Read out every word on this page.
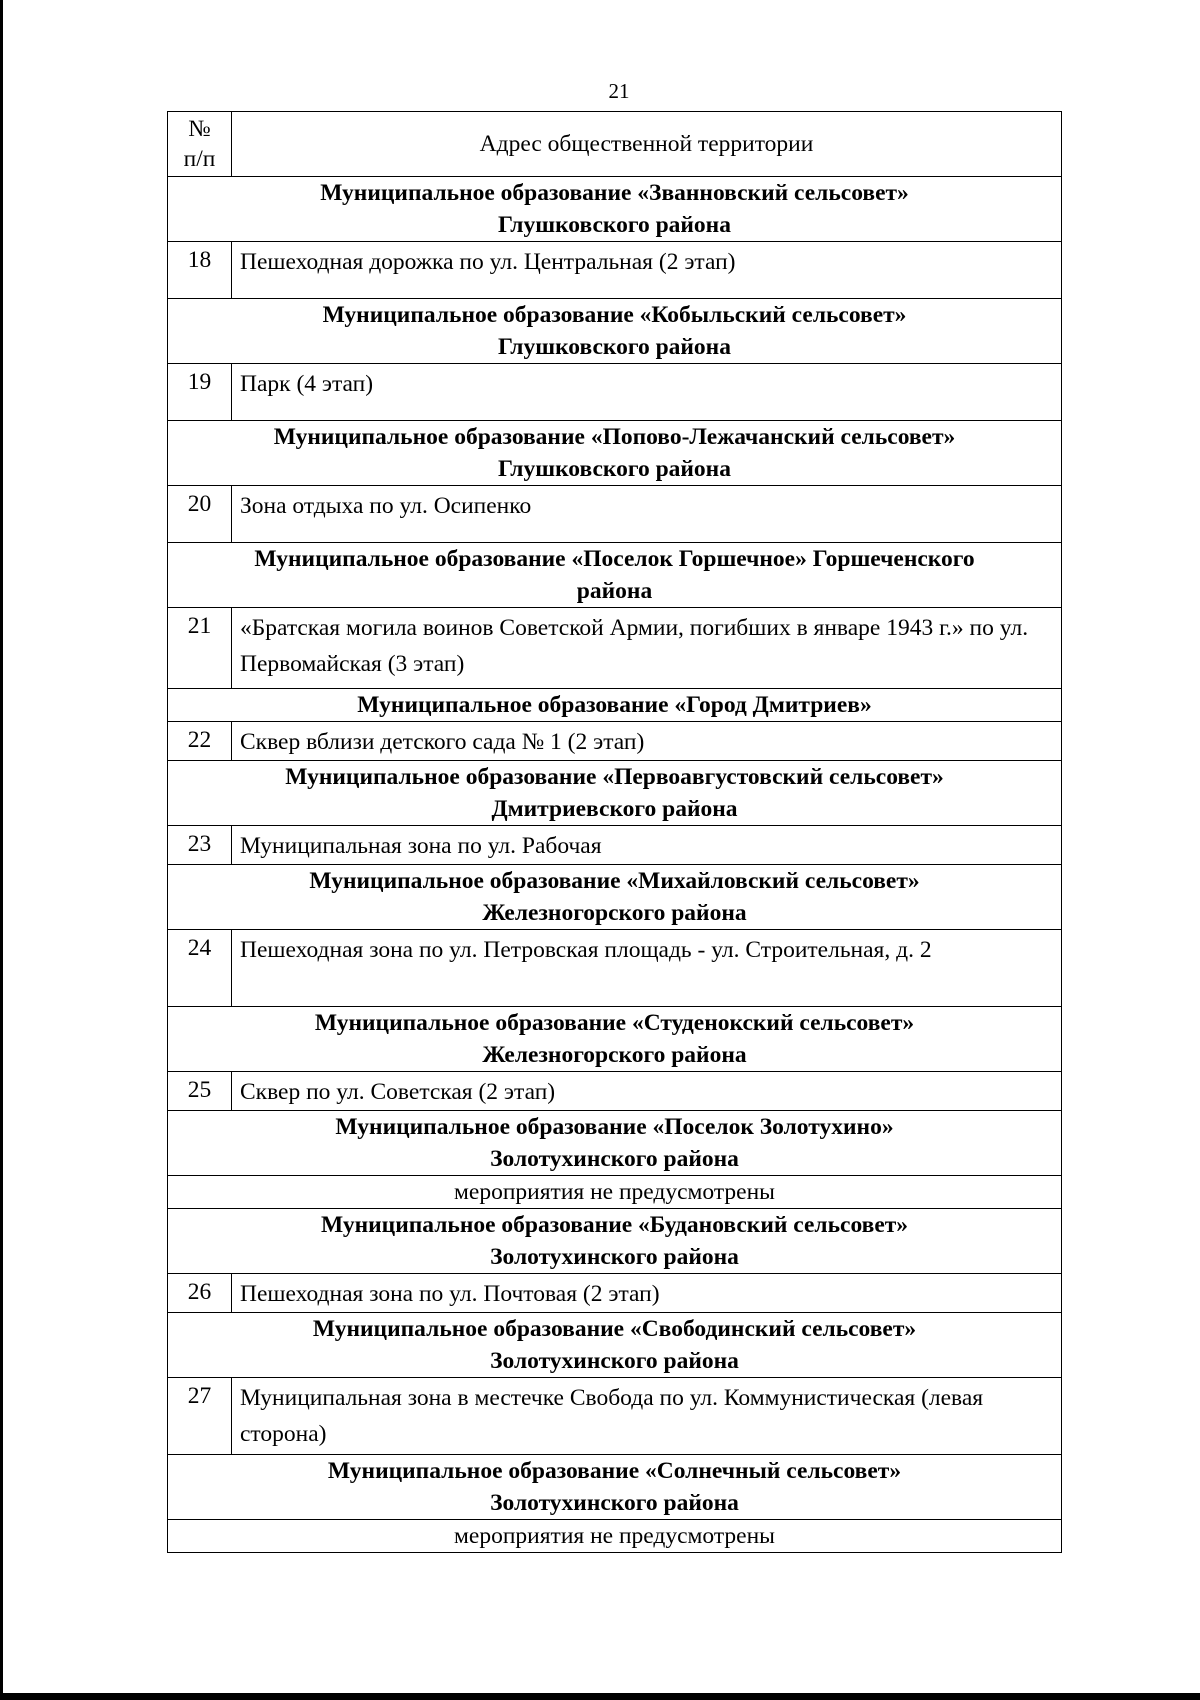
21
№
п/п	Адрес общественной территории

Муниципальное образование «Званновский сельсовет»
Глушковского района	

18	Пешеходная дорожка по ул. Центральная (2 этап)

Муниципальное образование «Кобыльский сельсовет»
Глушковского района	

19	Парк (4 этап)

Муниципальное образование «Попово-Лежачанский сельсовет»
Глушковского района	

20	Зона отдыха по ул. Осипенко

Муниципальное образование «Поселок Горшечное» Горшеченского
района	

21	«Братская могила воинов Советской Армии, погибших в январе 1943 г.» по ул. Первомайская (3 этап)

Муниципальное образование «Город Дмитриев»	

22	Сквер вблизи детского сада № 1 (2 этап)

Муниципальное образование «Первоавгустовский сельсовет»
Дмитриевского района	

23	Муниципальная зона по ул. Рабочая

Муниципальное образование «Михайловский сельсовет»
Железногорского района	

24	Пешеходная зона по ул. Петровская площадь - ул. Строительная, д. 2

Муниципальное образование «Студенокский сельсовет»
Железногорского района	

25	Сквер по ул. Советская (2 этап)

Муниципальное образование «Поселок Золотухино»
Золотухинского района	

мероприятия не предусмотрены	

Муниципальное образование «Будановский сельсовет»
Золотухинского района	

26	Пешеходная зона по ул. Почтовая (2 этап)

Муниципальное образование «Свободинский сельсовет»
Золотухинского района	

27	Муниципальная зона в местечке Свобода по ул. Коммунистическая (левая сторона)

Муниципальное образование «Солнечный сельсовет»
Золотухинского района	

мероприятия не предусмотрены	
